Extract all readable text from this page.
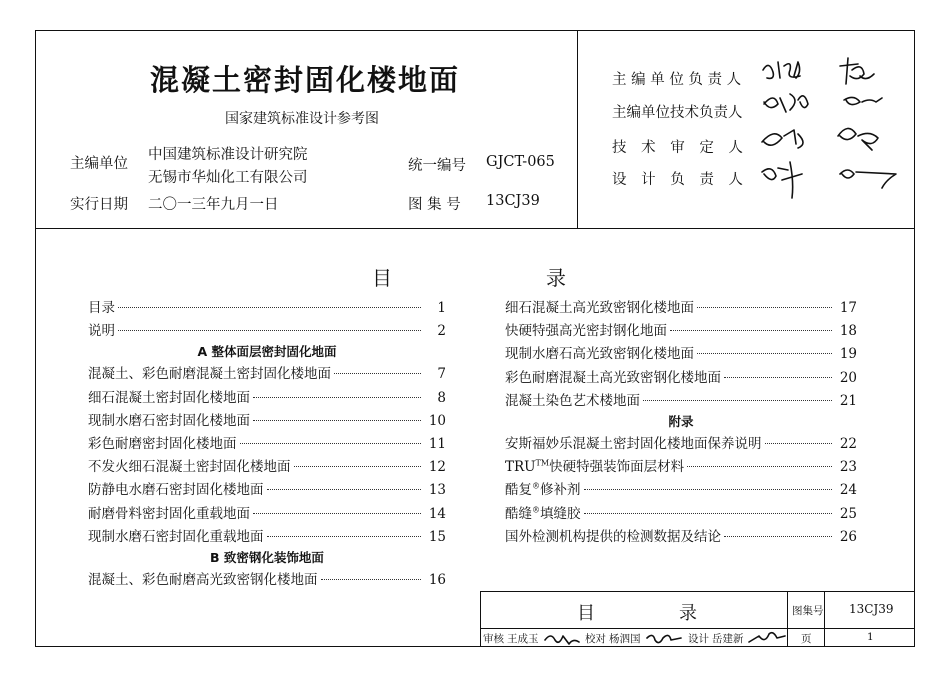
混凝土密封固化楼地面
国家建筑标准设计参考图
主编单位
中国建筑标准设计研究院
无锡市华灿化工有限公司
统一编号 GJCT-065
实行日期 二〇一三年九月一日	图 集 号 13CJ39
主 编 单 位 负 责 人
主编单位技术负责人
技 术 审 定 人
设 计 负 责 人
目	录
目录	1
说明	2
A 整体面层密封固化地面
混凝土、彩色耐磨混凝土密封固化楼地面	7
细石混凝土密封固化楼地面	8
现制水磨石密封固化楼地面	10
彩色耐磨密封固化楼地面	11
不发火细石混凝土密封固化楼地面	12
防静电水磨石密封固化楼地面	13
耐磨骨料密封固化重载地面	14
现制水磨石密封固化重载地面	15
B 致密钢化装饰地面
混凝土、彩色耐磨高光致密钢化楼地面	16
细石混凝土高光致密钢化楼地面	17
快硬特强高光密封钢化地面	18
现制水磨石高光致密钢化楼地面	19
彩色耐磨混凝土高光致密钢化楼地面	20
混凝土染色艺术楼地面	21
附录
安斯福妙乐混凝土密封固化楼地面保养说明	22
TRU™快硬特强装饰面层材料	23
酷复®修补剂	24
酷缝®填缝胶	25
国外检测机构提供的检测数据及结论	26
目	录	图集号 13CJ39
审核 王成玉	校对 杨泗国	设计 岳建新	页	1
